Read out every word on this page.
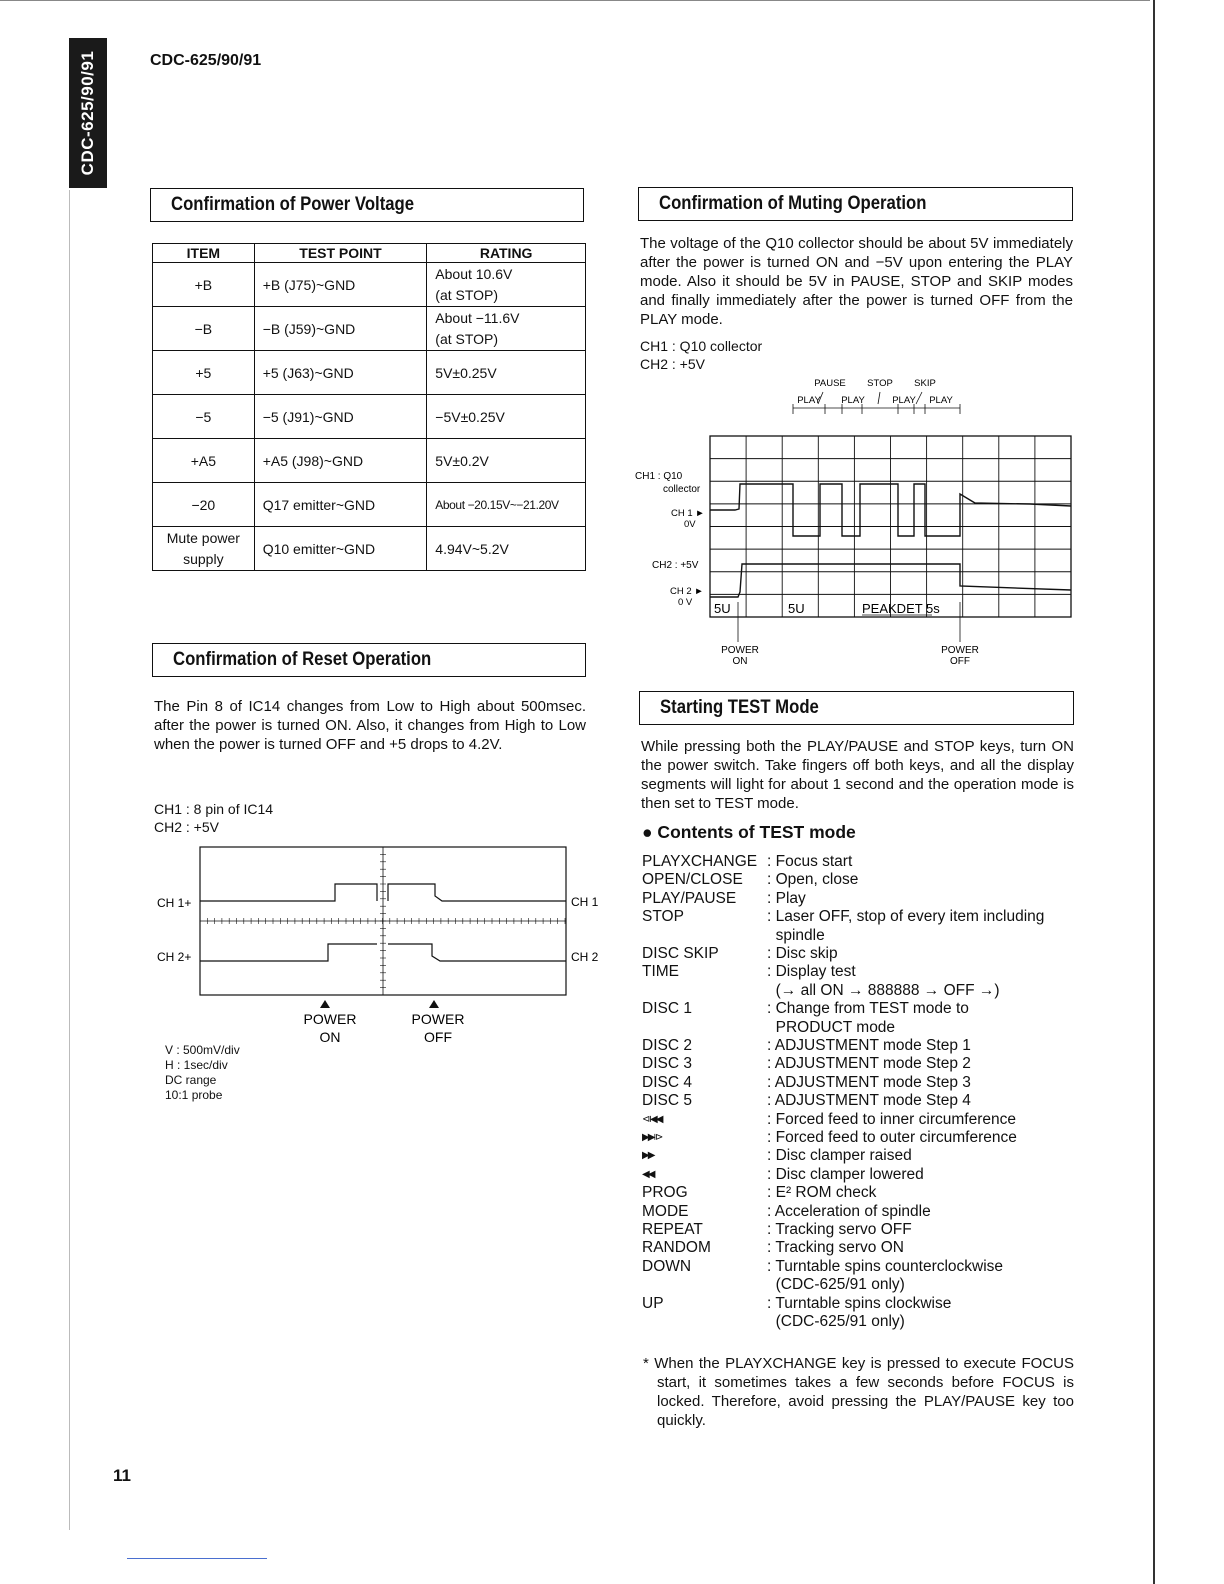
CDC-625/90/91	CDC-625/90/91
11
Confirmation of Power Voltage
ITEM	TEST POINT	RATING
+B	+B (J75)~GND	About 10.6V
(at STOP)

−B	−B (J59)~GND	About −11.6V
(at STOP)

+5	+5 (J63)~GND	5V±0.25V
−5	−5 (J91)~GND	−5V±0.25V
+A5	+A5 (J98)~GND	5V±0.2V
−20	Q17 emitter~GND	About −20.15V~−21.20V
Mute power supply	Q10 emitter~GND	4.94V~5.2V
Confirmation of Reset Operation
The Pin 8 of IC14 changes from Low to High about 500msec. after the power is turned ON. Also, it changes from High to Low when the power is turned OFF and +5 drops to 4.2V.
CH1 : 8 pin of IC14
CH2 : +5V
CH 1+
CH 2+
CH 1
CH 2
POWER
ON
POWER
OFF
V : 500mV/div
H : 1sec/div
DC range
10:1 probe
Confirmation of Muting Operation
The voltage of the Q10 collector should be about 5V immediately after the power is turned ON and −5V upon entering the PLAY mode. Also it should be 5V in PAUSE, STOP and SKIP modes and finally immediately after the power is turned OFF from the PLAY mode.
CH1 : Q10 collector
CH2 : +5V
PAUSE STOP SKIP
PLAY PLAY	PLAY PLAY
CH1 : Q10
collector
CH 1 ►
0V
CH2 : +5V
CH 2 ►
0 V 5U	5U	PEAKDET 5s
POWER
ON
POWER
OFF
Starting TEST Mode
While pressing both the PLAY/PAUSE and STOP keys, turn ON the power switch. Take fingers off both keys, and all the display segments will light for about 1 second and the operation mode is then set to TEST mode.
● Contents of TEST mode
PLAYXCHANGE : Focus start
OPEN/CLOSE	: Open, close
PLAY/PAUSE	: Play
STOP	: Laser OFF, stop of every item including
spindle
DISC SKIP	: Disc skip
TIME	: Display test
(→ all ON → 888888 → OFF →)
DISC 1	: Change from TEST mode to
PRODUCT mode
DISC 2	: ADJUSTMENT mode Step 1
DISC 3	: ADJUSTMENT mode Step 2
DISC 4	: ADJUSTMENT mode Step 3
DISC 5	: ADJUSTMENT mode Step 4
⧏◀◀	: Forced feed to inner circumference
▶▶⧐	: Forced feed to outer circumference
▶▶	: Disc clamper raised
◀◀	: Disc clamper lowered
PROG	: E² ROM check
MODE	: Acceleration of spindle
REPEAT	: Tracking servo OFF
RANDOM	: Tracking servo ON
DOWN	: Turntable spins counterclockwise
(CDC-625/91 only)
UP	: Turntable spins clockwise
(CDC-625/91 only)
* When the PLAYXCHANGE key is pressed to execute FOCUS start, it sometimes takes a few seconds before FOCUS is locked. Therefore, avoid pressing the PLAY/PAUSE key too quickly.
